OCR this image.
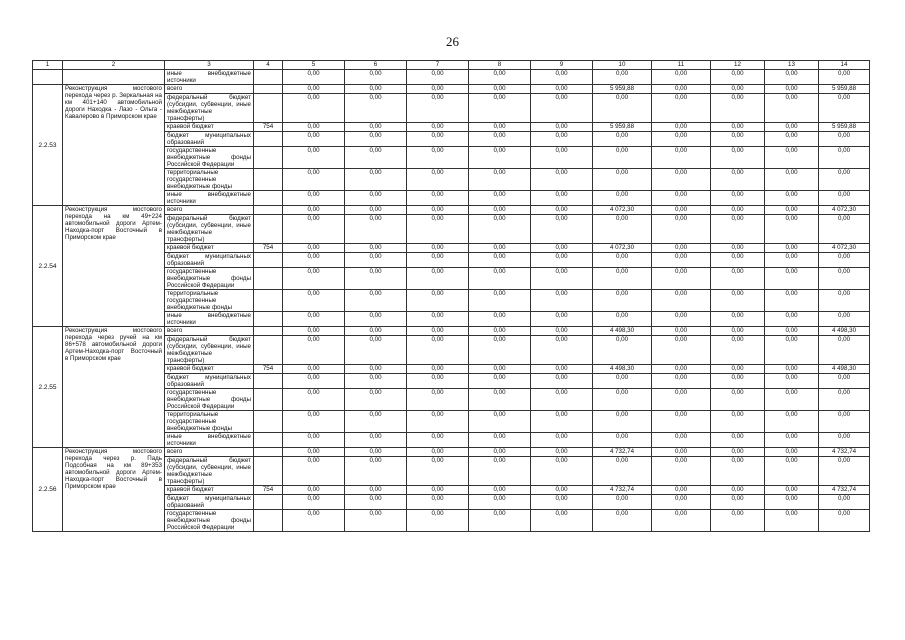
26
1	2	3	4	5	6	7	8	9	10	11	12	13	14
		иные внебюджетные источники		0,00	0,00	0,00	0,00	0,00	0,00	0,00	0,00	0,00	0,00
2.2.53	Реконструкция мостового перехода через р. Зеркальная на км 401+140 автомобильной дороги Находка - Лазо - Ольга - Кавалерово в Приморском крае	всего		0,00	0,00	0,00	0,00	0,00	5 959,88	0,00	0,00	0,00	5 959,88
		федеральный бюджет (субсидии, субвенции, иные межбюджетные трансферты)		0,00	0,00	0,00	0,00	0,00	0,00	0,00	0,00	0,00	0,00
		краевой бюджет	754	0,00	0,00	0,00	0,00	0,00	5 959,88	0,00	0,00	0,00	5 959,88
		бюджет муниципальных образований		0,00	0,00	0,00	0,00	0,00	0,00	0,00	0,00	0,00	0,00
		государственные внебюджетные фонды Российской Федерации		0,00	0,00	0,00	0,00	0,00	0,00	0,00	0,00	0,00	0,00
		территориальные государственные внебюджетные фонды		0,00	0,00	0,00	0,00	0,00	0,00	0,00	0,00	0,00	0,00
		иные внебюджетные источники		0,00	0,00	0,00	0,00	0,00	0,00	0,00	0,00	0,00	0,00
2.2.54	Реконструкция мостового перехода на км 49+224 автомобильной дороги Артем-Находка-порт Восточный в Приморском крае	всего		0,00	0,00	0,00	0,00	0,00	4 072,30	0,00	0,00	0,00	4 072,30
		федеральный бюджет (субсидии, субвенции, иные межбюджетные трансферты)		0,00	0,00	0,00	0,00	0,00	0,00	0,00	0,00	0,00	0,00
		краевой бюджет	754	0,00	0,00	0,00	0,00	0,00	4 072,30	0,00	0,00	0,00	4 072,30
		бюджет муниципальных образований		0,00	0,00	0,00	0,00	0,00	0,00	0,00	0,00	0,00	0,00
		государственные внебюджетные фонды Российской Федерации		0,00	0,00	0,00	0,00	0,00	0,00	0,00	0,00	0,00	0,00
		территориальные государственные внебюджетные фонды		0,00	0,00	0,00	0,00	0,00	0,00	0,00	0,00	0,00	0,00
		иные внебюджетные источники		0,00	0,00	0,00	0,00	0,00	0,00	0,00	0,00	0,00	0,00
2.2.55	Реконструкция мостового перехода через ручей на км 86+578 автомобильной дороги Артем-Находка-порт Восточный в Приморском крае	всего		0,00	0,00	0,00	0,00	0,00	4 498,30	0,00	0,00	0,00	4 498,30
		федеральный бюджет (субсидии, субвенции, иные межбюджетные трансферты)		0,00	0,00	0,00	0,00	0,00	0,00	0,00	0,00	0,00	0,00
		краевой бюджет	754	0,00	0,00	0,00	0,00	0,00	4 498,30	0,00	0,00	0,00	4 498,30
		бюджет муниципальных образований		0,00	0,00	0,00	0,00	0,00	0,00	0,00	0,00	0,00	0,00
		государственные внебюджетные фонды Российской Федерации		0,00	0,00	0,00	0,00	0,00	0,00	0,00	0,00	0,00	0,00
		территориальные государственные внебюджетные фонды		0,00	0,00	0,00	0,00	0,00	0,00	0,00	0,00	0,00	0,00
		иные внебюджетные источники		0,00	0,00	0,00	0,00	0,00	0,00	0,00	0,00	0,00	0,00
2.2.56	Реконструкция мостового перехода через р. Падь Подсобная на км 89+353 автомобильной дороги Артем-Находка-порт Восточный в Приморском крае	всего		0,00	0,00	0,00	0,00	0,00	4 732,74	0,00	0,00	0,00	4 732,74
		федеральный бюджет (субсидии, субвенции, иные межбюджетные трансферты)		0,00	0,00	0,00	0,00	0,00	0,00	0,00	0,00	0,00	0,00
		краевой бюджет	754	0,00	0,00	0,00	0,00	0,00	4 732,74	0,00	0,00	0,00	4 732,74
		бюджет муниципальных образований		0,00	0,00	0,00	0,00	0,00	0,00	0,00	0,00	0,00	0,00
		государственные внебюджетные фонды Российской Федерации		0,00	0,00	0,00	0,00	0,00	0,00	0,00	0,00	0,00	0,00
